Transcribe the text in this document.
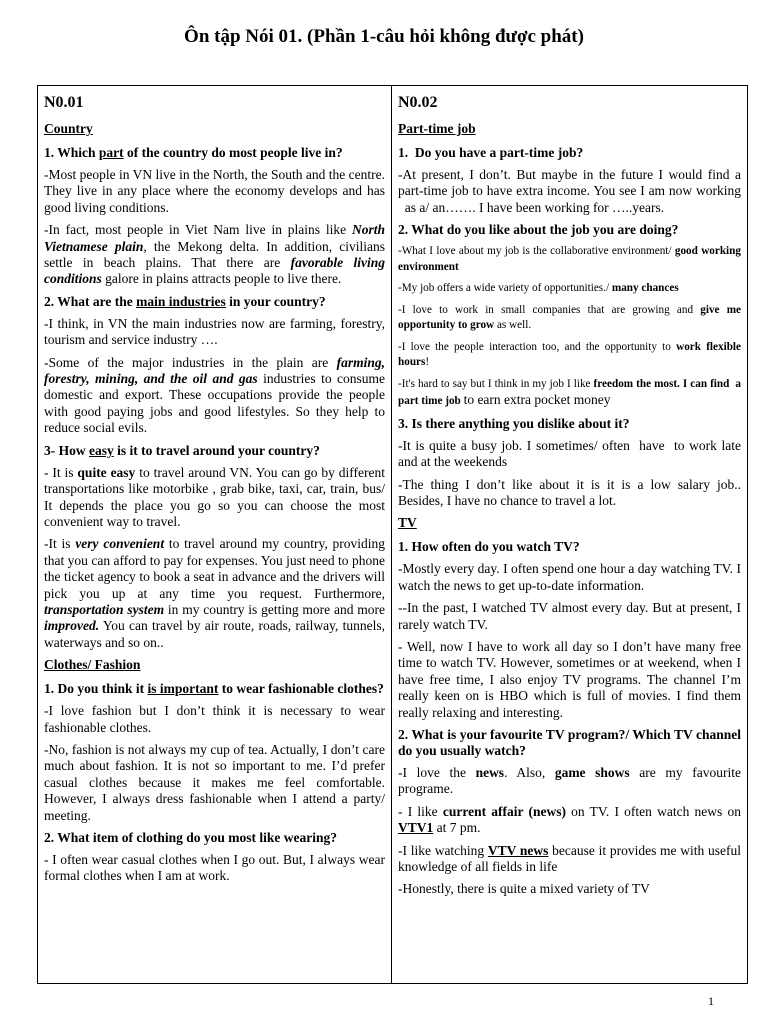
Ôn tập Nói 01. (Phần 1-câu hỏi không được phát)
N0.01

Country

1. Which part of the country do most people live in?

-Most people in VN live in the North, the South and the centre. They live in any place where the economy develops and has good living conditions.

-In fact, most people in Viet Nam live in plains like North Vietnamese plain, the Mekong delta. In addition, civilians settle in beach plains. That there are favorable living conditions galore in plains attracts people to live there.

2. What are the main industries in your country?

-I think, in VN the main industries now are farming, forestry, tourism and service industry ….

-Some of the major industries in the plain are farming, forestry, mining, and the oil and gas industries to consume domestic and export. These occupations provide the people with good paying jobs and good lifestyles. So they help to reduce social evils.

3- How easy is it to travel around your country?

- It is quite easy to travel around VN. You can go by different transportations like motorbike , grab bike, taxi, car, train, bus/ It depends the place you go so you can choose the most convenient way to travel.

-It is very convenient to travel around my country, providing that you can afford to pay for expenses. You just need to phone the ticket agency to book a seat in advance and the drivers will pick you up at any time you request. Furthermore, transportation system in my country is getting more and more improved. You can travel by air route, roads, railway, tunnels, waterways and so on..

Clothes/ Fashion

1. Do you think it is important to wear fashionable clothes?

-I love fashion but I don’t think it is necessary to wear fashionable clothes.

-No, fashion is not always my cup of tea. Actually, I don’t care much about fashion. It is not so important to me. I’d prefer casual clothes because it makes me feel comfortable. However, I always dress fashionable when I attend a party/ meeting.

2. What item of clothing do you most like wearing?

- I often wear casual clothes when I go out. But, I always wear formal clothes when I am at work.

N0.02

Part-time job

1.  Do you have a part-time job?

-At present, I don’t. But maybe in the future I would find a part-time job to have extra income. You see I am now working   as a/ an……. I have been working for …..years.

2. What do you like about the job you are doing?

-What I love about my job is the collaborative environment/ good working environment

-My job offers a wide variety of opportunities./ many chances

-I love to work in small companies that are growing and give me opportunity to grow as well.

-I love the people interaction too, and the opportunity to work flexible hours!

-It's hard to say but I think in my job I like freedom the most. I can find  a part time job to earn extra pocket money

3. Is there anything you dislike about it?

-It is quite a busy job. I sometimes/ often  have  to work late and at the weekends

-The thing I don’t like about it is it is a low salary job.. Besides, I have no chance to travel a lot.

TV

1. How often do you watch TV?

-Mostly every day. I often spend one hour a day watching TV. I watch the news to get up-to-date information.

--In the past, I watched TV almost every day. But at present, I rarely watch TV.

- Well, now I have to work all day so I don’t have many free time to watch TV. However, sometimes or at weekend, when I have free time, I also enjoy TV programs. The channel I’m really keen on is HBO which is full of movies. I find them really relaxing and interesting.

2. What is your favourite TV program?/ Which TV channel do you usually watch?

-I love the news. Also, game shows are my favourite programe.

- I like current affair (news) on TV. I often watch news on VTV1 at 7 pm.

-I like watching VTV news because it provides me with useful knowledge of all fields in life

-Honestly, there is quite a mixed variety of TV

1
